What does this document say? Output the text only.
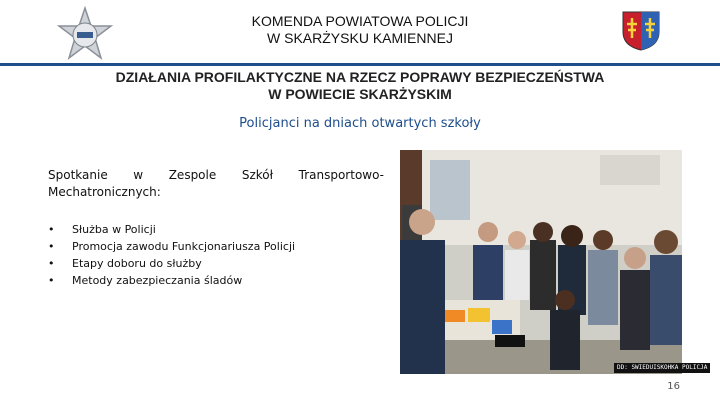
KOMENDA POWIATOWA POLICJI
W SKARŻYSKU KAMIENNEJ
DZIAŁANIA PROFILAKTYCZNE NA RZECZ POPRAWY BEZPIECZEŃSTWA
W POWIECIE SKARŻYSKIM
Policjanci na dniach otwartych szkoły
Spotkanie w Zespole Szkół Transportowo-Mechatronicznych:
• Służba w Policji
• Promocja zawodu Funkcjonariusza Policji
• Etapy doboru do służby
• Metody zabezpieczania śladów
DD: SWIEDUISKOHKA POLICJA
16
